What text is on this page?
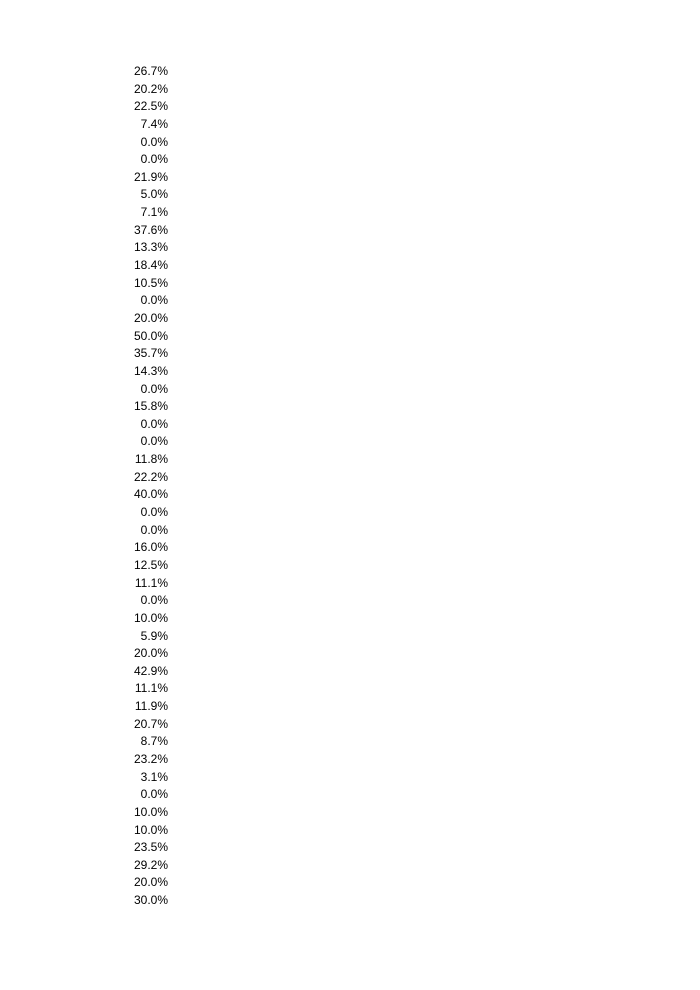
26.7%
20.2%
22.5%
7.4%
0.0%
0.0%
21.9%
5.0%
7.1%
37.6%
13.3%
18.4%
10.5%
0.0%
20.0%
50.0%
35.7%
14.3%
0.0%
15.8%
0.0%
0.0%
11.8%
22.2%
40.0%
0.0%
0.0%
16.0%
12.5%
11.1%
0.0%
10.0%
5.9%
20.0%
42.9%
11.1%
11.9%
20.7%
8.7%
23.2%
3.1%
0.0%
10.0%
10.0%
23.5%
29.2%
20.0%
30.0%
